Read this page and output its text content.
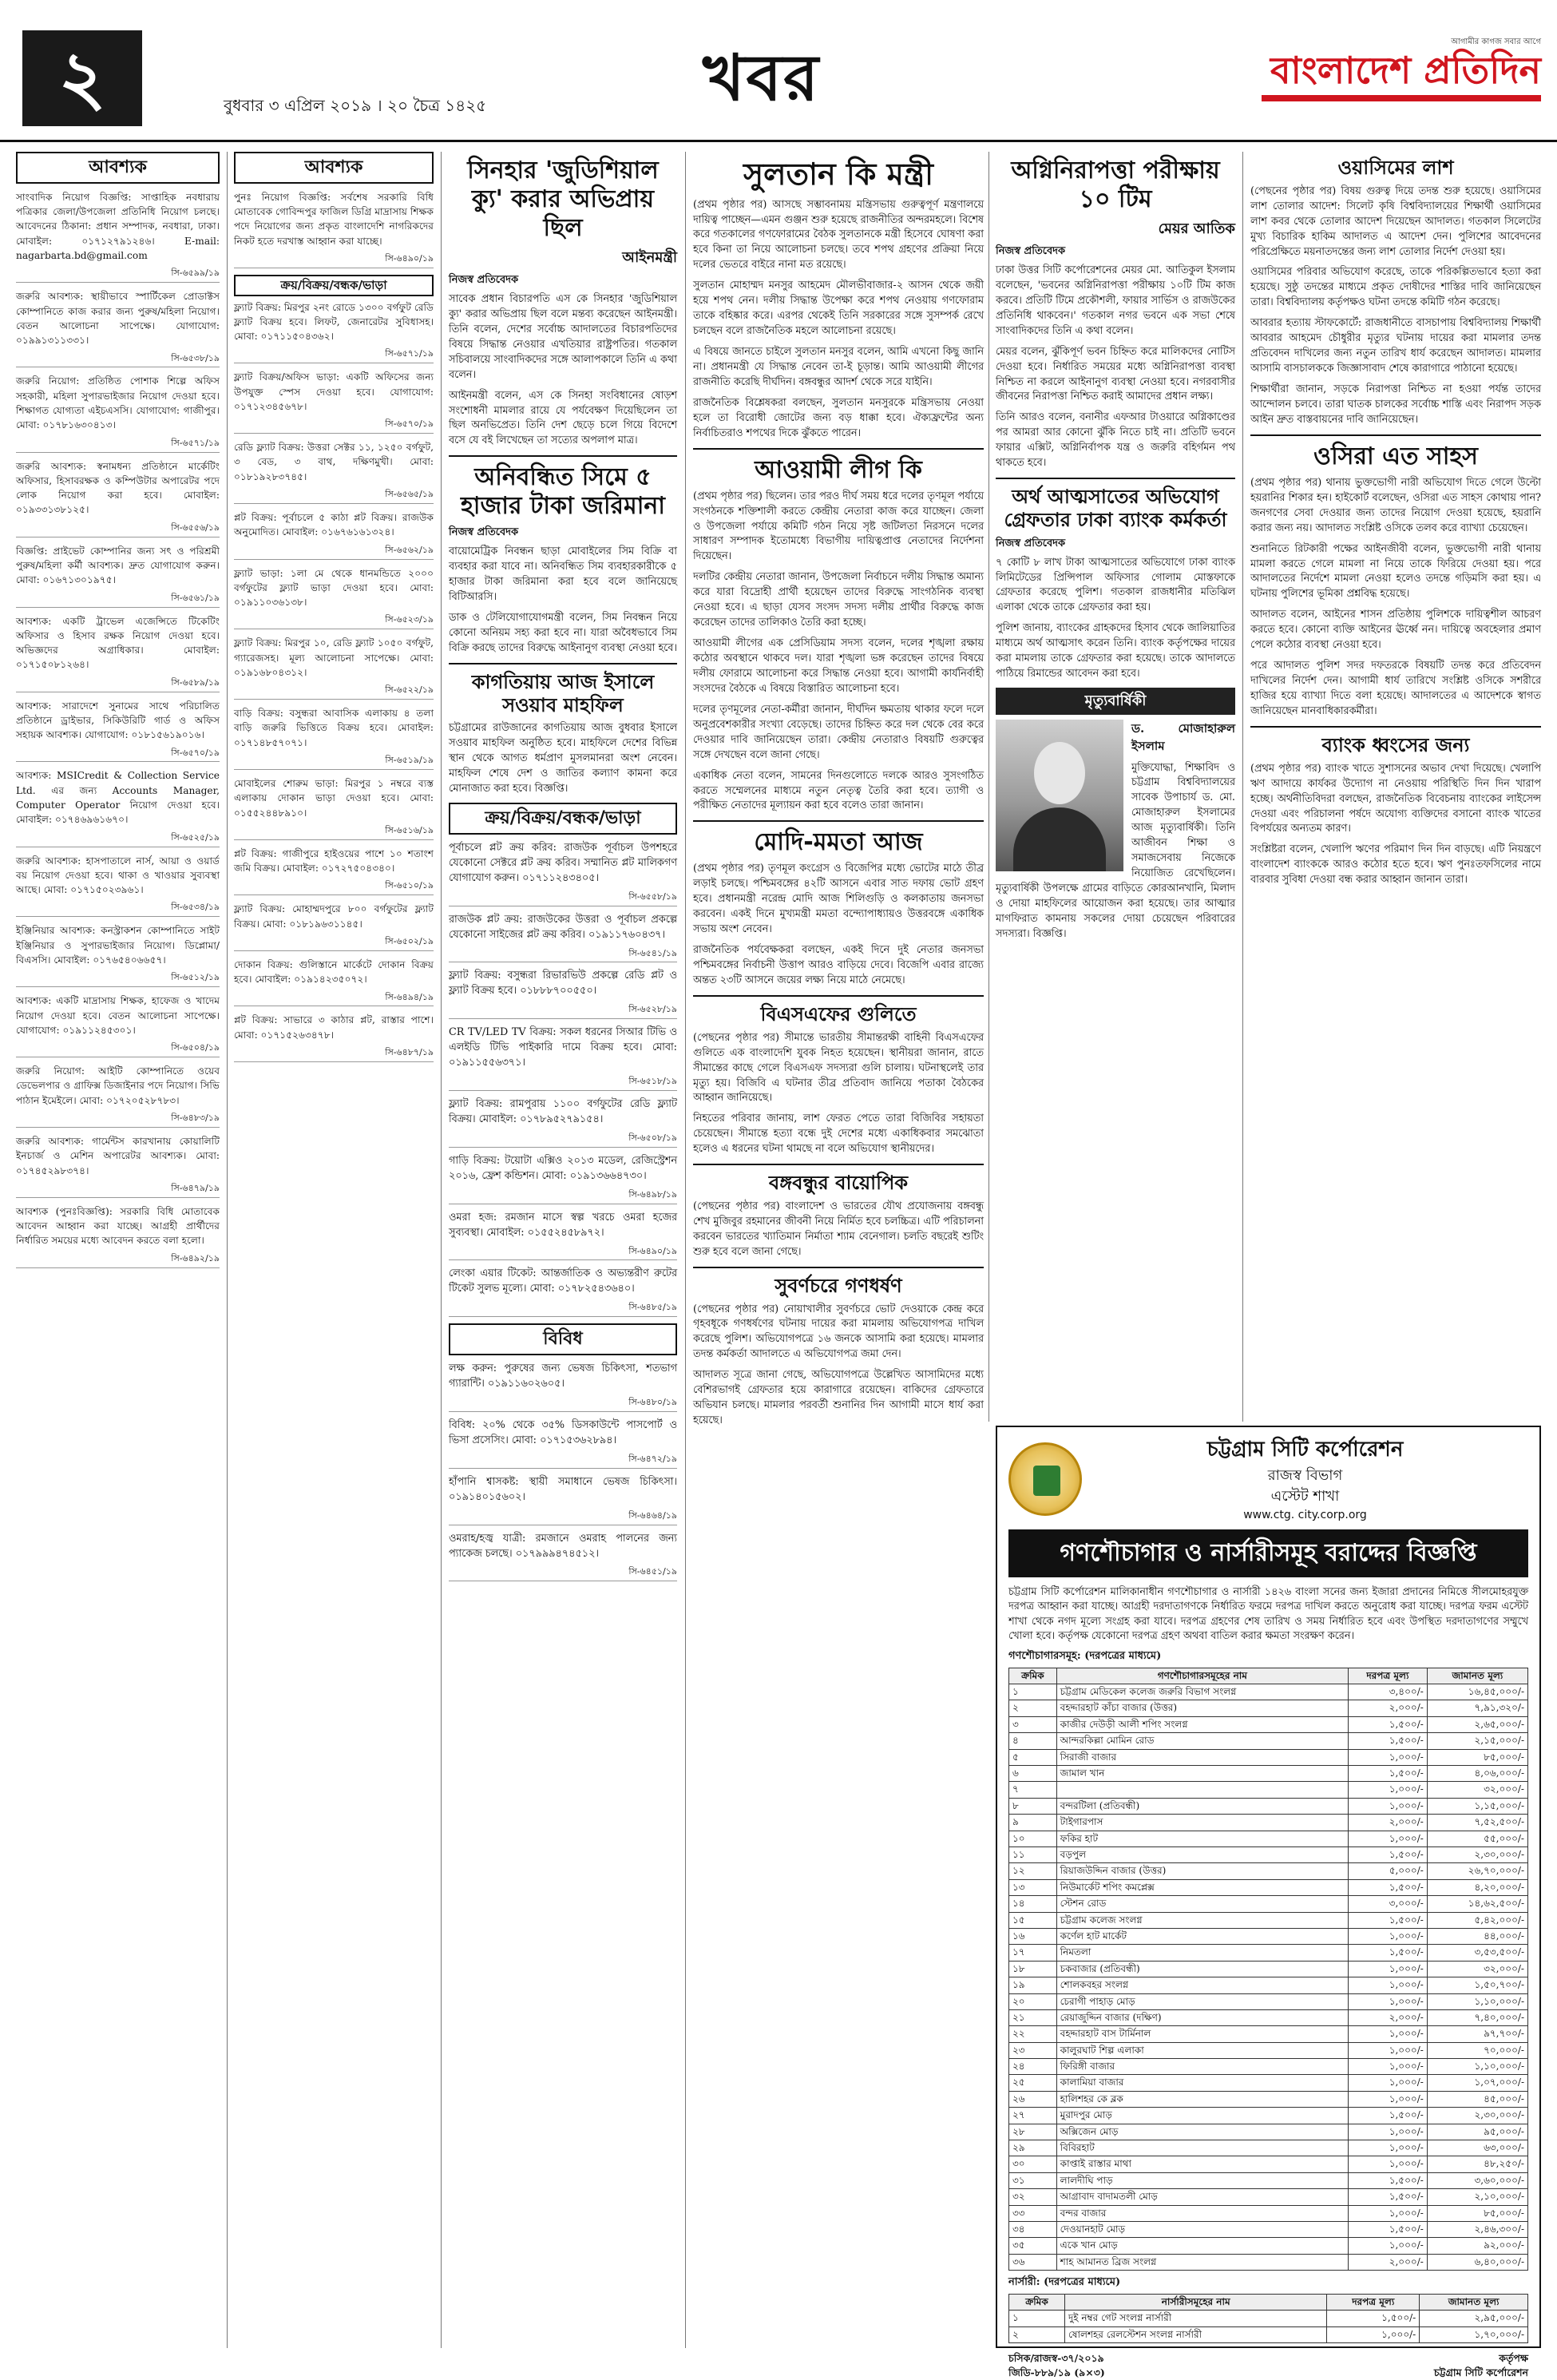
২	বুধবার ৩ এপ্রিল ২০১৯ । ২০ চৈত্র ১৪২৫	খবর	আগামীর কাগজ সবার আগে
বাংলাদেশ প্রতিদিন
আবশ্যক

সাংবাদিক নিয়োগ বিজ্ঞপ্তি: সাপ্তাহিক নবধারায় পত্রিকার জেলা/উপজেলা প্রতিনিধি নিয়োগ চলছে। আবেদনের ঠিকানা: প্রধান সম্পাদক, নবধারা, ঢাকা। মোবাইল: ০১৭১২৭৯১২৪৬। E-mail: nagarbarta.bd@gmail.com

সি-৬৫৯৯/১৯

জরুরি আবশ্যক: স্থায়ীভাবে স্পার্টিকেল প্রোডাক্টস কোম্পানিতে কাজ করার জন্য পুরুষ/মহিলা নিয়োগ। বেতন আলোচনা সাপেক্ষে। যোগাযোগ: ০১৯৯১৩১১৩৩১।

সি-৬৫৩৮/১৯

জরুরি নিয়োগ: প্রতিষ্ঠিত পোশাক শিল্পে অফিস সহকারী, মহিলা সুপারভাইজার নিয়োগ দেওয়া হবে। শিক্ষাগত যোগ্যতা এইচএসসি। যোগাযোগ: গাজীপুর। মোবা: ০১৭৮১৬৩০৪১৩।

সি-৬৫৭১/১৯

জরুরি আবশ্যক: স্বনামধন্য প্রতিষ্ঠানে মার্কেটিং অফিসার, হিসাবরক্ষক ও কম্পিউটার অপারেটর পদে লোক নিয়োগ করা হবে। মোবাইল: ০১৯৩৩১৩৮১২৫।

সি-৬৫৫৬/১৯

বিজ্ঞপ্তি: প্রাইভেট কোম্পানির জন্য সৎ ও পরিশ্রমী পুরুষ/মহিলা কর্মী আবশ্যক। দ্রুত যোগাযোগ করুন। মোবা: ০১৬৭১৩০১৯৭৫।

সি-৬৫৬১/১৯

আবশ্যক: একটি ট্রাভেল এজেন্সিতে টিকেটিং অফিসার ও হিসাব রক্ষক নিয়োগ দেওয়া হবে। অভিজ্ঞদের অগ্রাধিকার। মোবাইল: ০১৭১৫০৮১২৬৪।

সি-৬৫৮৯/১৯

আবশ্যক: সারাদেশে সুনামের সাথে পরিচালিত প্রতিষ্ঠানে ড্রাইভার, সিকিউরিটি গার্ড ও অফিস সহায়ক আবশ্যক। যোগাযোগ: ০১৮১৫৬১৯০১৬।

সি-৬৫৭০/১৯

আবশ্যক: MSICredit & Collection Service Ltd. এর জন্য Accounts Manager, Computer Operator নিয়োগ দেওয়া হবে। মোবাইল: ০১৭৪৬৯৬১৬৭০।

সি-৬৫২৫/১৯

জরুরি আবশ্যক: হাসপাতালে নার্স, আয়া ও ওয়ার্ড বয় নিয়োগ দেওয়া হবে। থাকা ও খাওয়ার সুব্যবস্থা আছে। মোবা: ০১৭১৫০২৩৯৬১।

সি-৬৫৩৪/১৯

ইঞ্জিনিয়ার আবশ্যক: কনস্ট্রাকশন কোম্পানিতে সাইট ইঞ্জিনিয়ার ও সুপারভাইজার নিয়োগ। ডিপ্লোমা/বিএসসি। মোবাইল: ০১৭৬৫৪০৬৬৫৭।

সি-৬৫১২/১৯

আবশ্যক: একটি মাদ্রাসায় শিক্ষক, হাফেজ ও খাদেম নিয়োগ দেওয়া হবে। বেতন আলোচনা সাপেক্ষে। যোগাযোগ: ০১৯১১২৪৫৩০১।

সি-৬৫০৪/১৯

জরুরি নিয়োগ: আইটি কোম্পানিতে ওয়েব ডেভেলপার ও গ্রাফিক্স ডিজাইনার পদে নিয়োগ। সিভি পাঠান ইমেইলে। মোবা: ০১৭২০৫২৮৭৮৩।

সি-৬৪৮৩/১৯

জরুরি আবশ্যক: গার্মেন্টস কারখানায় কোয়ালিটি ইনচার্জ ও মেশিন অপারেটর আবশ্যক। মোবা: ০১৭৪৫২৯৮৩৭৪।

সি-৬৪৭৯/১৯

আবশ্যক (পুনঃবিজ্ঞপ্তি): সরকারি বিধি মোতাবেক আবেদন আহ্বান করা যাচ্ছে। আগ্রহী প্রার্থীদের নির্ধারিত সময়ের মধ্যে আবেদন করতে বলা হলো।

সি-৬৪৯২/১৯
আবশ্যক

পুনঃ নিয়োগ বিজ্ঞপ্তি: সর্বশেষ সরকারি বিধি মোতাবেক গোবিন্দপুর ফাজিল ডিগ্রি মাদ্রাসায় শিক্ষক পদে নিয়োগের জন্য প্রকৃত বাংলাদেশি নাগরিকদের নিকট হতে দরখাস্ত আহ্বান করা যাচ্ছে।

সি-৬৪৯০/১৯

ক্রয়/বিক্রয়/বন্ধক/ভাড়া

ফ্ল্যাট বিক্রয়: মিরপুর ২নং রোডে ১৩০০ বর্গফুট রেডি ফ্ল্যাট বিক্রয় হবে। লিফট, জেনারেটর সুবিধাসহ। মোবা: ০১৭১১৫০৪৩৬২।

সি-৬৫৭১/১৯

ফ্ল্যাট বিক্রয়/অফিস ভাড়া: একটি অফিসের জন্য উপযুক্ত স্পেস দেওয়া হবে। যোগাযোগ: ০১৭১২৩৪৫৬৭৮।

সি-৬৫৭০/১৯

রেডি ফ্ল্যাট বিক্রয়: উত্তরা সেক্টর ১১, ১২৫০ বর্গফুট, ৩ বেড, ৩ বাথ, দক্ষিণমুখী। মোবা: ০১৮১৯২৮৩৭৪৫।

সি-৬৫৬৫/১৯

প্লট বিক্রয়: পূর্বাচলে ৫ কাঠা প্লট বিক্রয়। রাজউক অনুমোদিত। মোবাইল: ০১৬৭৬১৬১৩২৪।

সি-৬৫৬২/১৯

ফ্ল্যাট ভাড়া: ১লা মে থেকে ধানমন্ডিতে ২০০০ বর্গফুটের ফ্ল্যাট ভাড়া দেওয়া হবে। মোবা: ০১৯১১০৩৬১৩৮।

সি-৬৫২৩/১৯

ফ্ল্যাট বিক্রয়: মিরপুর ১০, রেডি ফ্ল্যাট ১০৫০ বর্গফুট, গ্যারেজসহ। মূল্য আলোচনা সাপেক্ষে। মোবা: ০১৯১৬৮০৪৩১২।

সি-৬৫২২/১৯

বাড়ি বিক্রয়: বসুন্ধরা আবাসিক এলাকায় ৪ তলা বাড়ি জরুরি ভিত্তিতে বিক্রয় হবে। মোবাইল: ০১৭১৪৮৫৭০৭১।

সি-৬৫১৯/১৯

মোবাইলের শোরুম ভাড়া: মিরপুর ১ নম্বরে ব্যস্ত এলাকায় দোকান ভাড়া দেওয়া হবে। মোবা: ০১৫৫২৪৪৮৯১০।

সি-৬৫১৬/১৯

প্লট বিক্রয়: গাজীপুরে হাইওয়ের পাশে ১০ শতাংশ জমি বিক্রয়। মোবাইল: ০১৭২৭৫০৪৩৪০।

সি-৬৫১০/১৯

ফ্ল্যাট বিক্রয়: মোহাম্মদপুরে ৮০০ বর্গফুটের ফ্ল্যাট বিক্রয়। মোবা: ০১৮১৯৬৩১১৪৫।

সি-৬৫০২/১৯

দোকান বিক্রয়: গুলিস্তানে মার্কেটে দোকান বিক্রয় হবে। মোবাইল: ০১৯১৪২৩৫০৭২।

সি-৬৪৯৪/১৯

প্লট বিক্রয়: সাভারে ৩ কাঠার প্লট, রাস্তার পাশে। মোবা: ০১৭১৫২৬৩৪৭৮।

সি-৬৪৮৭/১৯
সিনহার 'জুডিশিয়াল ক্যু' করার অভিপ্রায় ছিল
আইনমন্ত্রী
নিজস্ব প্রতিবেদক

সাবেক প্রধান বিচারপতি এস কে সিনহার 'জুডিশিয়াল ক্যু' করার অভিপ্রায় ছিল বলে মন্তব্য করেছেন আইনমন্ত্রী। তিনি বলেন, দেশের সর্বোচ্চ আদালতের বিচারপতিদের বিষয়ে সিদ্ধান্ত নেওয়ার এখতিয়ার রাষ্ট্রপতির। গতকাল সচিবালয়ে সাংবাদিকদের সঙ্গে আলাপকালে তিনি এ কথা বলেন।

আইনমন্ত্রী বলেন, এস কে সিনহা সংবিধানের ষোড়শ সংশোধনী মামলার রায়ে যে পর্যবেক্ষণ দিয়েছিলেন তা ছিল অনভিপ্রেত। তিনি দেশ ছেড়ে চলে গিয়ে বিদেশে বসে যে বই লিখেছেন তা সত্যের অপলাপ মাত্র।

অনিবন্ধিত সিমে ৫ হাজার টাকা জরিমানা
নিজস্ব প্রতিবেদক

বায়োমেট্রিক নিবন্ধন ছাড়া মোবাইলের সিম বিক্রি বা ব্যবহার করা যাবে না। অনিবন্ধিত সিম ব্যবহারকারীকে ৫ হাজার টাকা জরিমানা করা হবে বলে জানিয়েছে বিটিআরসি।

ডাক ও টেলিযোগাযোগমন্ত্রী বলেন, সিম নিবন্ধন নিয়ে কোনো অনিয়ম সহ্য করা হবে না। যারা অবৈধভাবে সিম বিক্রি করছে তাদের বিরুদ্ধে আইনানুগ ব্যবস্থা নেওয়া হবে।

কাগতিয়ায় আজ ইসালে সওয়াব মাহফিল

চট্টগ্রামের রাউজানের কাগতিয়ায় আজ বুধবার ইসালে সওয়াব মাহফিল অনুষ্ঠিত হবে। মাহফিলে দেশের বিভিন্ন স্থান থেকে আগত ধর্মপ্রাণ মুসলমানরা অংশ নেবেন। মাহফিল শেষে দেশ ও জাতির কল্যাণ কামনা করে মোনাজাত করা হবে। বিজ্ঞপ্তি।

ক্রয়/বিক্রয়/বন্ধক/ভাড়া

পূর্বাচলে প্লট ক্রয় করিব: রাজউক পূর্বাচল উপশহরে যেকোনো সেক্টরে প্লট ক্রয় করিব। সম্মানিত প্লট মালিকগণ যোগাযোগ করুন। ০১৭১১২৪৩৪০৫।

সি-৬৫৫৮/১৯

রাজউক প্লট ক্রয়: রাজউকের উত্তরা ও পূর্বাচল প্রকল্পে যেকোনো সাইজের প্লট ক্রয় করিব। ০১৯১১৭৬০৪৩৭।

সি-৬৫৪১/১৯

ফ্ল্যাট বিক্রয়: বসুন্ধরা রিভারভিউ প্রকল্পে রেডি প্লট ও ফ্ল্যাট বিক্রয় হবে। ০১৮৮৮৭০০৫৫০।

সি-৬৫২৮/১৯

CR TV/LED TV বিক্রয়: সকল ধরনের সিআর টিভি ও এলইডি টিভি পাইকারি দামে বিক্রয় হবে। মোবা: ০১৯১১৫৫৬৩৭১।

সি-৬৫১৮/১৯

ফ্ল্যাট বিক্রয়: রামপুরায় ১১০০ বর্গফুটের রেডি ফ্ল্যাট বিক্রয়। মোবাইল: ০১৭৮৯৫২৭৯১৫৪।

সি-৬৫০৮/১৯

গাড়ি বিক্রয়: টয়োটা এক্সিও ২০১৩ মডেল, রেজিস্ট্রেশন ২০১৬, ফ্রেশ কন্ডিশন। মোবা: ০১৯১৩৬৬৪৭৩০।

সি-৬৪৯৮/১৯

ওমরা হজ: রমজান মাসে স্বল্প খরচে ওমরা হজের সুব্যবস্থা। মোবাইল: ০১৫৫২৪৫৮৯৭২।

সি-৬৪৯০/১৯

লেংকা এয়ার টিকেট: আন্তর্জাতিক ও অভ্যন্তরীণ রুটের টিকেট সুলভ মূল্যে। মোবা: ০১৭৮২৫৪৩৬৪০।

সি-৬৪৮৫/১৯
বিবিধ

লক্ষ করুন: পুরুষের জন্য ভেষজ চিকিৎসা, শতভাগ গ্যারান্টি। ০১৯১১৬০২৬০৫।

সি-৬৪৮০/১৯

বিবিধ: ২০% থেকে ৩৫% ডিসকাউন্টে পাসপোর্ট ও ভিসা প্রসেসিং। মোবা: ০১৭১৫৩৬২৮৯৪।

সি-৬৪৭২/১৯

হাঁপানি শ্বাসকষ্ট: স্থায়ী সমাধানে ভেষজ চিকিৎসা। ০১৯১৪০১৫৬০২।

সি-৬৪৬৪/১৯

ওমরাহ/হজ্ব যাত্রী: রমজানে ওমরাহ পালনের জন্য প্যাকেজ চলছে। ০১৭৯৯৯৪৭৪৫১২।

সি-৬৪৫১/১৯
সুলতান কি মন্ত্রী

(প্রথম পৃষ্ঠার পর) আসছে সম্ভাবনাময় মন্ত্রিসভায় গুরুত্বপূর্ণ মন্ত্রণালয়ে দায়িত্ব পাচ্ছেন—এমন গুঞ্জন শুরু হয়েছে রাজনীতির অন্দরমহলে। বিশেষ করে গতকালের গণফোরামের বৈঠক সুলতানকে মন্ত্রী হিসেবে ঘোষণা করা হবে কিনা তা নিয়ে আলোচনা চলছে। তবে শপথ গ্রহণের প্রক্রিয়া নিয়ে দলের ভেতরে বাইরে নানা মত রয়েছে।

সুলতান মোহাম্মদ মনসুর আহমেদ মৌলভীবাজার-২ আসন থেকে জয়ী হয়ে শপথ নেন। দলীয় সিদ্ধান্ত উপেক্ষা করে শপথ নেওয়ায় গণফোরাম তাকে বহিষ্কার করে। এরপর থেকেই তিনি সরকারের সঙ্গে সুসম্পর্ক রেখে চলছেন বলে রাজনৈতিক মহলে আলোচনা রয়েছে।

এ বিষয়ে জানতে চাইলে সুলতান মনসুর বলেন, আমি এখনো কিছু জানি না। প্রধানমন্ত্রী যে সিদ্ধান্ত নেবেন তা-ই চূড়ান্ত। আমি আওয়ামী লীগের রাজনীতি করেছি দীর্ঘদিন। বঙ্গবন্ধুর আদর্শ থেকে সরে যাইনি।

রাজনৈতিক বিশ্লেষকরা বলছেন, সুলতান মনসুরকে মন্ত্রিসভায় নেওয়া হলে তা বিরোধী জোটের জন্য বড় ধাক্কা হবে। ঐক্যফ্রন্টের অন্য নির্বাচিতরাও শপথের দিকে ঝুঁকতে পারেন।

আওয়ামী লীগ কি

(প্রথম পৃষ্ঠার পর) ছিলেন। তার পরও দীর্ঘ সময় ধরে দলের তৃণমূল পর্যায়ে সংগঠনকে শক্তিশালী করতে কেন্দ্রীয় নেতারা কাজ করে যাচ্ছেন। জেলা ও উপজেলা পর্যায়ে কমিটি গঠন নিয়ে সৃষ্ট জটিলতা নিরসনে দলের সাধারণ সম্পাদক ইতোমধ্যে বিভাগীয় দায়িত্বপ্রাপ্ত নেতাদের নির্দেশনা দিয়েছেন।

দলটির কেন্দ্রীয় নেতারা জানান, উপজেলা নির্বাচনে দলীয় সিদ্ধান্ত অমান্য করে যারা বিদ্রোহী প্রার্থী হয়েছেন তাদের বিরুদ্ধে সাংগঠনিক ব্যবস্থা নেওয়া হবে। এ ছাড়া যেসব সংসদ সদস্য দলীয় প্রার্থীর বিরুদ্ধে কাজ করেছেন তাদের তালিকাও তৈরি করা হচ্ছে।

আওয়ামী লীগের এক প্রেসিডিয়াম সদস্য বলেন, দলের শৃঙ্খলা রক্ষায় কঠোর অবস্থানে থাকবে দল। যারা শৃঙ্খলা ভঙ্গ করেছেন তাদের বিষয়ে দলীয় ফোরামে আলোচনা করে সিদ্ধান্ত নেওয়া হবে। আগামী কার্যনির্বাহী সংসদের বৈঠকে এ বিষয়ে বিস্তারিত আলোচনা হবে।

দলের তৃণমূলের নেতা-কর্মীরা জানান, দীর্ঘদিন ক্ষমতায় থাকার ফলে দলে অনুপ্রবেশকারীর সংখ্যা বেড়েছে। তাদের চিহ্নিত করে দল থেকে বের করে দেওয়ার দাবি জানিয়েছেন তারা। কেন্দ্রীয় নেতারাও বিষয়টি গুরুত্বের সঙ্গে দেখছেন বলে জানা গেছে।

একাধিক নেতা বলেন, সামনের দিনগুলোতে দলকে আরও সুসংগঠিত করতে সম্মেলনের মাধ্যমে নতুন নেতৃত্ব তৈরি করা হবে। ত্যাগী ও পরীক্ষিত নেতাদের মূল্যায়ন করা হবে বলেও তারা জানান।

মোদি-মমতা আজ

(প্রথম পৃষ্ঠার পর) তৃণমূল কংগ্রেস ও বিজেপির মধ্যে ভোটের মাঠে তীব্র লড়াই চলছে। পশ্চিমবঙ্গের ৪২টি আসনে এবার সাত দফায় ভোট গ্রহণ হবে। প্রধানমন্ত্রী নরেন্দ্র মোদি আজ শিলিগুড়ি ও কলকাতায় জনসভা করবেন। একই দিনে মুখ্যমন্ত্রী মমতা বন্দ্যোপাধ্যায়ও উত্তরবঙ্গে একাধিক সভায় অংশ নেবেন।

রাজনৈতিক পর্যবেক্ষকরা বলছেন, একই দিনে দুই নেতার জনসভা পশ্চিমবঙ্গের নির্বাচনী উত্তাপ আরও বাড়িয়ে দেবে। বিজেপি এবার রাজ্যে অন্তত ২৩টি আসনে জয়ের লক্ষ্য নিয়ে মাঠে নেমেছে।

বিএসএফের গুলিতে

(পেছনের পৃষ্ঠার পর) সীমান্তে ভারতীয় সীমান্তরক্ষী বাহিনী বিএসএফের গুলিতে এক বাংলাদেশি যুবক নিহত হয়েছেন। স্থানীয়রা জানান, রাতে সীমান্তের কাছে গেলে বিএসএফ সদস্যরা গুলি চালায়। ঘটনাস্থলেই তার মৃত্যু হয়। বিজিবি এ ঘটনার তীব্র প্রতিবাদ জানিয়ে পতাকা বৈঠকের আহ্বান জানিয়েছে।

নিহতের পরিবার জানায়, লাশ ফেরত পেতে তারা বিজিবির সহায়তা চেয়েছেন। সীমান্তে হত্যা বন্ধে দুই দেশের মধ্যে একাধিকবার সমঝোতা হলেও এ ধরনের ঘটনা থামছে না বলে অভিযোগ স্থানীয়দের।

বঙ্গবন্ধুর বায়োপিক

(পেছনের পৃষ্ঠার পর) বাংলাদেশ ও ভারতের যৌথ প্রযোজনায় বঙ্গবন্ধু শেখ মুজিবুর রহমানের জীবনী নিয়ে নির্মিত হবে চলচ্চিত্র। এটি পরিচালনা করবেন ভারতের খ্যাতিমান নির্মাতা শ্যাম বেনেগাল। চলতি বছরেই শুটিং শুরু হবে বলে জানা গেছে।

সুবর্ণচরে গণধর্ষণ

(পেছনের পৃষ্ঠার পর) নোয়াখালীর সুবর্ণচরে ভোট দেওয়াকে কেন্দ্র করে গৃহবধূকে গণধর্ষণের ঘটনায় দায়ের করা মামলায় অভিযোগপত্র দাখিল করেছে পুলিশ। অভিযোগপত্রে ১৬ জনকে আসামি করা হয়েছে। মামলার তদন্ত কর্মকর্তা আদালতে এ অভিযোগপত্র জমা দেন।

আদালত সূত্রে জানা গেছে, অভিযোগপত্রে উল্লেখিত আসামিদের মধ্যে বেশিরভাগই গ্রেফতার হয়ে কারাগারে রয়েছেন। বাকিদের গ্রেফতারে অভিযান চলছে। মামলার পরবর্তী শুনানির দিন আগামী মাসে ধার্য করা হয়েছে।

অগ্নিনিরাপত্তা পরীক্ষায় ১০ টিম
মেয়র আতিক
নিজস্ব প্রতিবেদক

ঢাকা উত্তর সিটি কর্পোরেশনের মেয়র মো. আতিকুল ইসলাম বলেছেন, 'ভবনের অগ্নিনিরাপত্তা পরীক্ষায় ১০টি টিম কাজ করবে। প্রতিটি টিমে প্রকৌশলী, ফায়ার সার্ভিস ও রাজউকের প্রতিনিধি থাকবেন।' গতকাল নগর ভবনে এক সভা শেষে সাংবাদিকদের তিনি এ কথা বলেন।

মেয়র বলেন, ঝুঁকিপূর্ণ ভবন চিহ্নিত করে মালিকদের নোটিস দেওয়া হবে। নির্ধারিত সময়ের মধ্যে অগ্নিনিরাপত্তা ব্যবস্থা নিশ্চিত না করলে আইনানুগ ব্যবস্থা নেওয়া হবে। নগরবাসীর জীবনের নিরাপত্তা নিশ্চিত করাই আমাদের প্রধান লক্ষ্য।

তিনি আরও বলেন, বনানীর এফআর টাওয়ারে অগ্নিকাণ্ডের পর আমরা আর কোনো ঝুঁকি নিতে চাই না। প্রতিটি ভবনে ফায়ার এক্সিট, অগ্নিনির্বাপক যন্ত্র ও জরুরি বহির্গমন পথ থাকতে হবে।

অর্থ আত্মসাতের অভিযোগ গ্রেফতার ঢাকা ব্যাংক কর্মকর্তা
নিজস্ব প্রতিবেদক

৭ কোটি ৮ লাখ টাকা আত্মসাতের অভিযোগে ঢাকা ব্যাংক লিমিটেডের প্রিন্সিপাল অফিসার গোলাম মোস্তফাকে গ্রেফতার করেছে পুলিশ। গতকাল রাজধানীর মতিঝিল এলাকা থেকে তাকে গ্রেফতার করা হয়।

পুলিশ জানায়, ব্যাংকের গ্রাহকদের হিসাব থেকে জালিয়াতির মাধ্যমে অর্থ আত্মসাৎ করেন তিনি। ব্যাংক কর্তৃপক্ষের দায়ের করা মামলায় তাকে গ্রেফতার করা হয়েছে। তাকে আদালতে পাঠিয়ে রিমান্ডের আবেদন করা হবে।

মৃত্যুবার্ষিকী

ড. মোজাহারুল ইসলাম

মুক্তিযোদ্ধা, শিক্ষাবিদ ও চট্টগ্রাম বিশ্ববিদ্যালয়ের সাবেক উপাচার্য ড. মো. মোজাহারুল ইসলামের আজ মৃত্যুবার্ষিকী। তিনি আজীবন শিক্ষা ও সমাজসেবায় নিজেকে নিয়োজিত রেখেছিলেন। মৃত্যুবার্ষিকী উপলক্ষে গ্রামের বাড়িতে কোরআনখানি, মিলাদ ও দোয়া মাহফিলের আয়োজন করা হয়েছে। তার আত্মার মাগফিরাত কামনায় সকলের দোয়া চেয়েছেন পরিবারের সদস্যরা। বিজ্ঞপ্তি।

ওয়াসিমের লাশ

(পেছনের পৃষ্ঠার পর) বিষয় গুরুত্ব দিয়ে তদন্ত শুরু হয়েছে। ওয়াসিমের লাশ তোলার আদেশ: সিলেট কৃষি বিশ্ববিদ্যালয়ের শিক্ষার্থী ওয়াসিমের লাশ কবর থেকে তোলার আদেশ দিয়েছেন আদালত। গতকাল সিলেটের মুখ্য বিচারিক হাকিম আদালত এ আদেশ দেন। পুলিশের আবেদনের পরিপ্রেক্ষিতে ময়নাতদন্তের জন্য লাশ তোলার নির্দেশ দেওয়া হয়।

ওয়াসিমের পরিবার অভিযোগ করেছে, তাকে পরিকল্পিতভাবে হত্যা করা হয়েছে। সুষ্ঠু তদন্তের মাধ্যমে প্রকৃত দোষীদের শাস্তির দাবি জানিয়েছেন তারা। বিশ্ববিদ্যালয় কর্তৃপক্ষও ঘটনা তদন্তে কমিটি গঠন করেছে।

আবরার হত্যায় স্টাফকোর্টে: রাজধানীতে বাসচাপায় বিশ্ববিদ্যালয় শিক্ষার্থী আবরার আহমেদ চৌধুরীর মৃত্যুর ঘটনায় দায়ের করা মামলার তদন্ত প্রতিবেদন দাখিলের জন্য নতুন তারিখ ধার্য করেছেন আদালত। মামলার আসামি বাসচালককে জিজ্ঞাসাবাদ শেষে কারাগারে পাঠানো হয়েছে।

শিক্ষার্থীরা জানান, সড়কে নিরাপত্তা নিশ্চিত না হওয়া পর্যন্ত তাদের আন্দোলন চলবে। তারা ঘাতক চালকের সর্বোচ্চ শাস্তি এবং নিরাপদ সড়ক আইন দ্রুত বাস্তবায়নের দাবি জানিয়েছেন।

ওসিরা এত সাহস

(প্রথম পৃষ্ঠার পর) থানায় ভুক্তভোগী নারী অভিযোগ দিতে গেলে উল্টো হয়রানির শিকার হন। হাইকোর্ট বলেছেন, ওসিরা এত সাহস কোথায় পান? জনগণের সেবা দেওয়ার জন্য তাদের নিয়োগ দেওয়া হয়েছে, হয়রানি করার জন্য নয়। আদালত সংশ্লিষ্ট ওসিকে তলব করে ব্যাখ্যা চেয়েছেন।

শুনানিতে রিটকারী পক্ষের আইনজীবী বলেন, ভুক্তভোগী নারী থানায় মামলা করতে গেলে মামলা না নিয়ে তাকে ফিরিয়ে দেওয়া হয়। পরে আদালতের নির্দেশে মামলা নেওয়া হলেও তদন্তে গড়িমসি করা হয়। এ ঘটনায় পুলিশের ভূমিকা প্রশ্নবিদ্ধ হয়েছে।

আদালত বলেন, আইনের শাসন প্রতিষ্ঠায় পুলিশকে দায়িত্বশীল আচরণ করতে হবে। কোনো ব্যক্তি আইনের ঊর্ধ্বে নন। দায়িত্বে অবহেলার প্রমাণ পেলে কঠোর ব্যবস্থা নেওয়া হবে।

পরে আদালত পুলিশ সদর দফতরকে বিষয়টি তদন্ত করে প্রতিবেদন দাখিলের নির্দেশ দেন। আগামী ধার্য তারিখে সংশ্লিষ্ট ওসিকে সশরীরে হাজির হয়ে ব্যাখ্যা দিতে বলা হয়েছে। আদালতের এ আদেশকে স্বাগত জানিয়েছেন মানবাধিকারকর্মীরা।

ব্যাংক ধ্বংসের জন্য

(প্রথম পৃষ্ঠার পর) ব্যাংক খাতে সুশাসনের অভাব দেখা দিয়েছে। খেলাপি ঋণ আদায়ে কার্যকর উদ্যোগ না নেওয়ায় পরিস্থিতি দিন দিন খারাপ হচ্ছে। অর্থনীতিবিদরা বলছেন, রাজনৈতিক বিবেচনায় ব্যাংকের লাইসেন্স দেওয়া এবং পরিচালনা পর্ষদে অযোগ্য ব্যক্তিদের বসানো ব্যাংক খাতের বিপর্যয়ের অন্যতম কারণ।

সংশ্লিষ্টরা বলেন, খেলাপি ঋণের পরিমাণ দিন দিন বাড়ছে। এটি নিয়ন্ত্রণে বাংলাদেশ ব্যাংককে আরও কঠোর হতে হবে। ঋণ পুনঃতফসিলের নামে বারবার সুবিধা দেওয়া বন্ধ করার আহ্বান জানান তারা।

চট্টগ্রাম সিটি কর্পোরেশন
রাজস্ব বিভাগ
এস্টেট শাখা
www.ctg. city.corp.org
গণশৌচাগার ও নার্সারীসমূহ বরাদ্দের বিজ্ঞপ্তি

চট্টগ্রাম সিটি কর্পোরেশন মালিকানাধীন গণশৌচাগার ও নার্সারী ১৪২৬ বাংলা সনের জন্য ইজারা প্রদানের নিমিত্তে সীলমোহরযুক্ত দরপত্র আহ্বান করা যাচ্ছে। আগ্রহী দরদাতাগণকে নির্ধারিত ফরমে দরপত্র দাখিল করতে অনুরোধ করা যাচ্ছে। দরপত্র ফরম এস্টেট শাখা থেকে নগদ মূল্যে সংগ্রহ করা যাবে। দরপত্র গ্রহণের শেষ তারিখ ও সময় নির্ধারিত হবে এবং উপস্থিত দরদাতাগণের সম্মুখে খোলা হবে। কর্তৃপক্ষ যেকোনো দরপত্র গ্রহণ অথবা বাতিল করার ক্ষমতা সংরক্ষণ করেন।

গণশৌচাগারসমূহ: (দরপত্রের মাধ্যমে)
ক্রমিক	গণশৌচাগারসমূহের নাম	দরপত্র মূল্য	জামানত মূল্য
১	চট্টগ্রাম মেডিকেল কলেজ জরুরি বিভাগ সংলগ্ন	৩,৪০০/-	১৬,৪৫,০০০/-
২	বহদ্দারহাট কাঁচা বাজার (উত্তর)	২,০০০/-	৭,৯১,৩২০/-
৩	কাজীর দেউড়ী আলী শপিং সংলগ্ন	১,৫০০/-	২,৬৫,০০০/-
৪	আন্দরকিল্লা মোমিন রোড	১,৫০০/-	২,১৫,০০০/-
৫	সিরাজী বাজার	১,০০০/-	৮৫,০০০/-
৬	জামাল খান	১,৫০০/-	৪,০৬,০০০/-
৭		১,০০০/-	৩২,০০০/-
৮	বন্দরটিলা (প্রতিবন্ধী)	১,০০০/-	১,১৫,০০০/-
৯	টাইগারপাস	২,০০০/-	৭,৫২,৫০০/-
১০	ফকির হাট	১,০০০/-	৫৫,০০০/-
১১	বড়পুল	১,৫০০/-	২,৩০,০০০/-
১২	রিয়াজউদ্দিন বাজার (উত্তর)	৫,০০০/-	২৬,৭০,০০০/-
১৩	নিউমার্কেট শপিং কমপ্লেক্স	১,৫০০/-	৪,২০,০০০/-
১৪	স্টেশন রোড	৩,০০০/-	১৪,৬২,৫০০/-
১৫	চট্টগ্রাম কলেজ সংলগ্ন	১,৫০০/-	৫,৪২,০০০/-
১৬	কর্ণেল হাট মার্কেট	১,০০০/-	৪৪,০০০/-
১৭	নিমতলা	১,৫০০/-	৩,৫৩,৫০০/-
১৮	চকবাজার (প্রতিবন্ধী)	১,০০০/-	৩২,০০০/-
১৯	শোলকবহর সংলগ্ন	১,০০০/-	১,৫০,৭০০/-
২০	চেরাগী পাহাড় মোড়	১,০০০/-	১,১০,০০০/-
২১	রেয়াজুদ্দিন বাজার (দক্ষিণ)	২,০০০/-	৭,৪০,০০০/-
২২	বহদ্দারহাট বাস টার্মিনাল	১,০০০/-	৯৭,৭০০/-
২৩	কালুরঘাট শিল্প এলাকা	১,০০০/-	৭০,০০০/-
২৪	ফিরিঙ্গী বাজার	১,০০০/-	১,১০,০০০/-
২৫	কালামিয়া বাজার	১,০০০/-	১,০৭,০০০/-
২৬	হালিশহর কে ব্লক	১,০০০/-	৪৫,০০০/-
২৭	মুরাদপুর মোড়	১,৫০০/-	২,৩০,০০০/-
২৮	অক্সিজেন মোড়	১,০০০/-	৯৫,০০০/-
২৯	বিবিরহাট	১,০০০/-	৬৩,০০০/-
৩০	কাপ্তাই রাস্তার মাথা	১,০০০/-	৪৮,২৫০/-
৩১	লালদীঘি পাড়	১,৫০০/-	৩,৬০,০০০/-
৩২	আগ্রাবাদ বাদামতলী মোড়	১,৫০০/-	২,১০,০০০/-
৩৩	বন্দর বাজার	১,০০০/-	৮৫,০০০/-
৩৪	দেওয়ানহাট মোড়	১,৫০০/-	২,৪৬,৩০০/-
৩৫	একে খান মোড়	১,০০০/-	৯২,০০০/-
৩৬	শাহ আমানত ব্রিজ সংলগ্ন	২,০০০/-	৬,৪০,০০০/-
নার্সারী: (দরপত্রের মাধ্যমে)
ক্রমিক	নার্সারীসমূহের নাম	দরপত্র মূল্য	জামানত মূল্য
১	দুই নম্বর গেট সংলগ্ন নার্সারী	১,৫০০/-	২,৯৫,০০০/-
২	ষোলশহর রেলস্টেশন সংলগ্ন নার্সারী	১,০০০/-	১,৭০,০০০/-
চসিক/রাজস্ব-৩৭/২০১৯
জিডি-৮৮৯/১৯ (৯×৩)
কর্তৃপক্ষ
চট্টগ্রাম সিটি কর্পোরেশন
